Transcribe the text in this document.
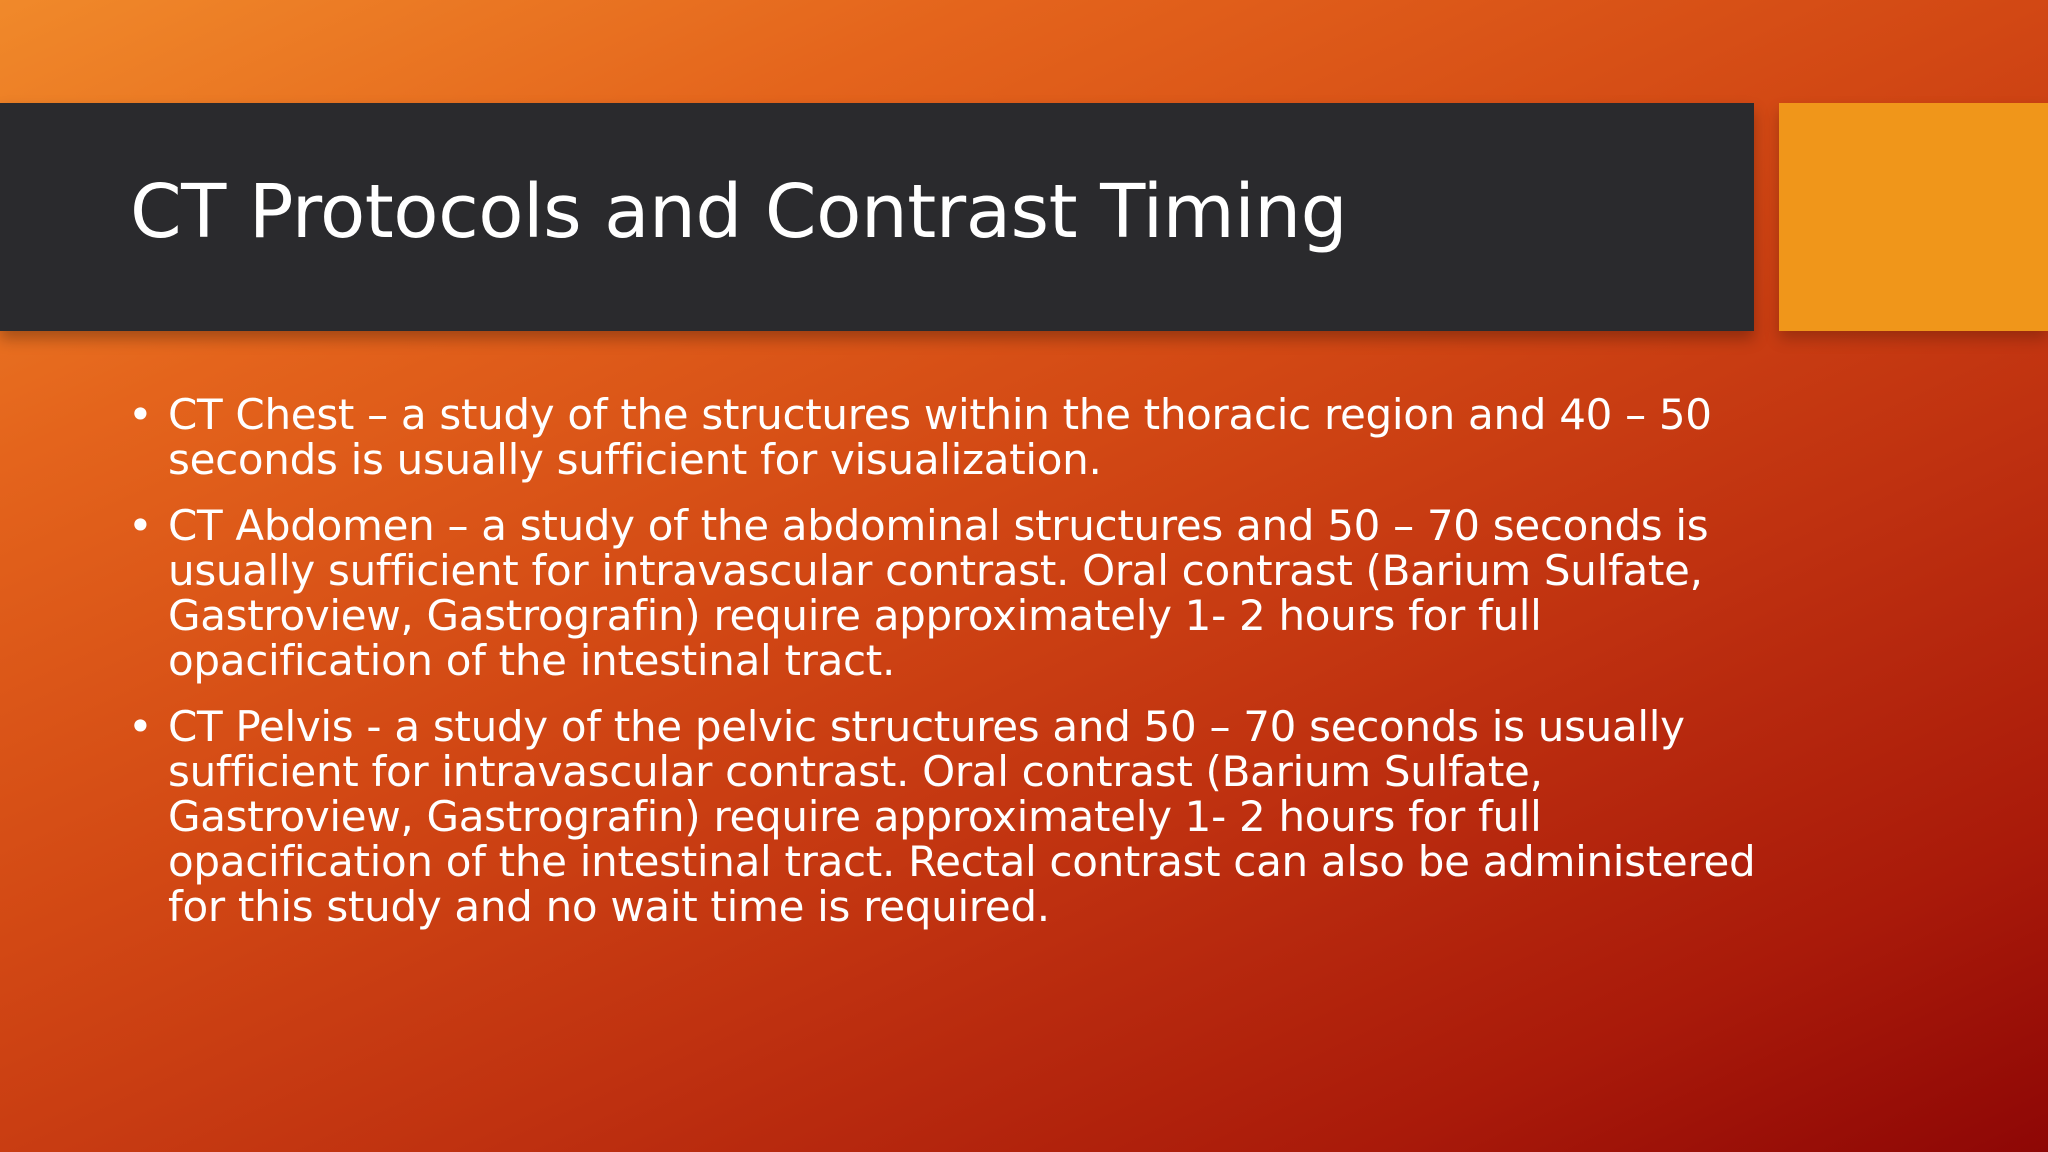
CT Protocols and Contrast Timing
• CT Chest – a study of the structures within the thoracic region and 40 – 50 seconds is usually sufficient for visualization.
• CT Abdomen – a study of the abdominal structures and 50 – 70 seconds is usually sufficient for intravascular contrast. Oral contrast (Barium Sulfate, Gastroview, Gastrografin) require approximately 1- 2 hours for full opacification of the intestinal tract.
• CT Pelvis - a study of the pelvic structures and 50 – 70 seconds is usually sufficient for intravascular contrast. Oral contrast (Barium Sulfate, Gastroview, Gastrografin) require approximately 1- 2 hours for full opacification of the intestinal tract. Rectal contrast can also be administered for this study and no wait time is required.
